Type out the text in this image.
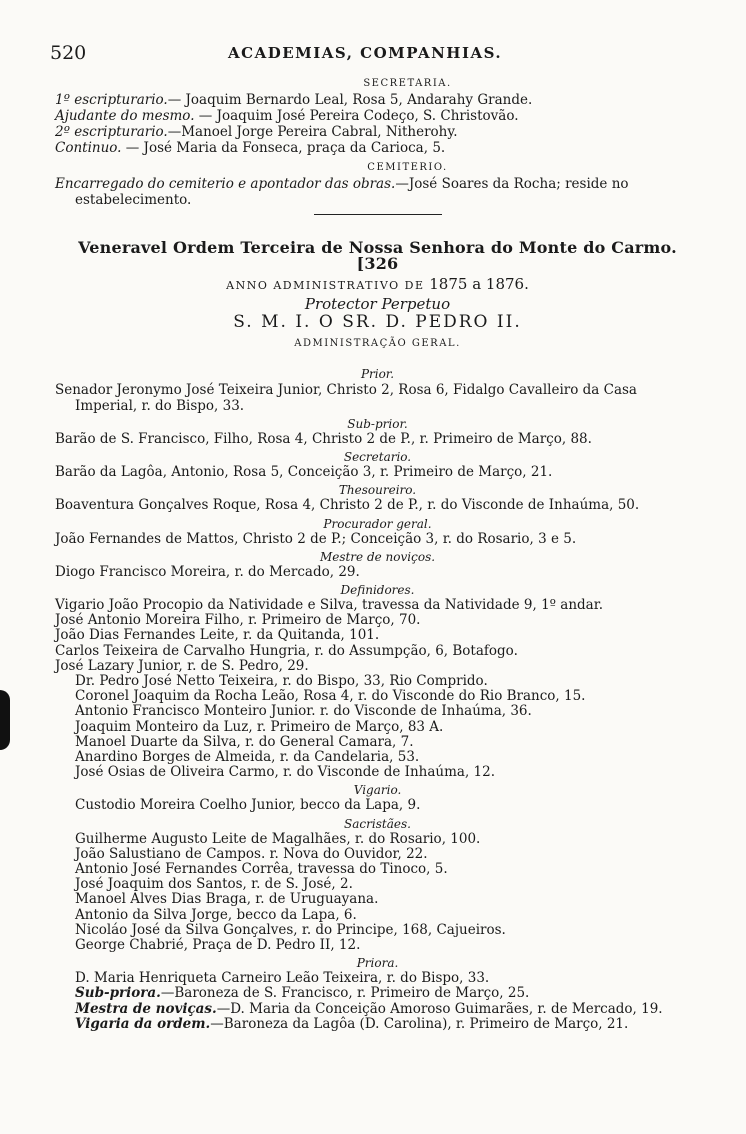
520	ACADEMIAS, COMPANHIAS.
SECRETARIA.
1º escripturario.— Joaquim Bernardo Leal, Rosa 5, Andarahy Grande.
Ajudante do mesmo. — Joaquim José Pereira Codeço, S. Christovão.
2º escripturario.—Manoel Jorge Pereira Cabral, Nitherohy.
Continuo. — José Maria da Fonseca, praça da Carioca, 5.
CEMITERIO.
Encarregado do cemiterio e apontador das obras.—José Soares da Rocha; reside no estabelecimento.
Veneravel Ordem Terceira de Nossa Senhora do Monte do Carmo. [326
ANNO ADMINISTRATIVO DE 1875 a 1876.
Protector Perpetuo
S. M. I. O SR. D. PEDRO II.
ADMINISTRAÇÃO GERAL.
Prior.
Senador Jeronymo José Teixeira Junior, Christo 2, Rosa 6, Fidalgo Cavalleiro da Casa Imperial, r. do Bispo, 33.
Sub-prior.
Barão de S. Francisco, Filho, Rosa 4, Christo 2 de P., r. Primeiro de Março, 88.
Secretario.
Barão da Lagôa, Antonio, Rosa 5, Conceição 3, r. Primeiro de Março, 21.
Thesoureiro.
Boaventura Gonçalves Roque, Rosa 4, Christo 2 de P., r. do Visconde de Inhaúma, 50.
Procurador geral.
João Fernandes de Mattos, Christo 2 de P.; Conceição 3, r. do Rosario, 3 e 5.
Mestre de noviços.
Diogo Francisco Moreira, r. do Mercado, 29.
Definidores.
Vigario João Procopio da Natividade e Silva, travessa da Natividade 9, 1º andar.
José Antonio Moreira Filho, r. Primeiro de Março, 70.
João Dias Fernandes Leite, r. da Quitanda, 101.
Carlos Teixeira de Carvalho Hungria, r. do Assumpção, 6, Botafogo.
José Lazary Junior, r. de S. Pedro, 29.
Dr. Pedro José Netto Teixeira, r. do Bispo, 33, Rio Comprido.
Coronel Joaquim da Rocha Leão, Rosa 4, r. do Visconde do Rio Branco, 15.
Antonio Francisco Monteiro Junior. r. do Visconde de Inhaúma, 36.
Joaquim Monteiro da Luz, r. Primeiro de Março, 83 A.
Manoel Duarte da Silva, r. do General Camara, 7.
Anardino Borges de Almeida, r. da Candelaria, 53.
José Osias de Oliveira Carmo, r. do Visconde de Inhaúma, 12.
Vigario.
Custodio Moreira Coelho Junior, becco da Lapa, 9.
Sacristães.
Guilherme Augusto Leite de Magalhães, r. do Rosario, 100.
João Salustiano de Campos. r. Nova do Ouvidor, 22.
Antonio José Fernandes Corrêa, travessa do Tinoco, 5.
José Joaquim dos Santos, r. de S. José, 2.
Manoel Alves Dias Braga, r. de Uruguayana.
Antonio da Silva Jorge, becco da Lapa, 6.
Nicoláo José da Silva Gonçalves, r. do Principe, 168, Cajueiros.
George Chabrié, Praça de D. Pedro II, 12.
Priora.
D. Maria Henriqueta Carneiro Leão Teixeira, r. do Bispo, 33.
Sub-priora.—Baroneza de S. Francisco, r. Primeiro de Março, 25.
Mestra de noviças.—D. Maria da Conceição Amoroso Guimarães, r. de Mercado, 19.
Vigaria da ordem.—Baroneza da Lagôa (D. Carolina), r. Primeiro de Março, 21.
